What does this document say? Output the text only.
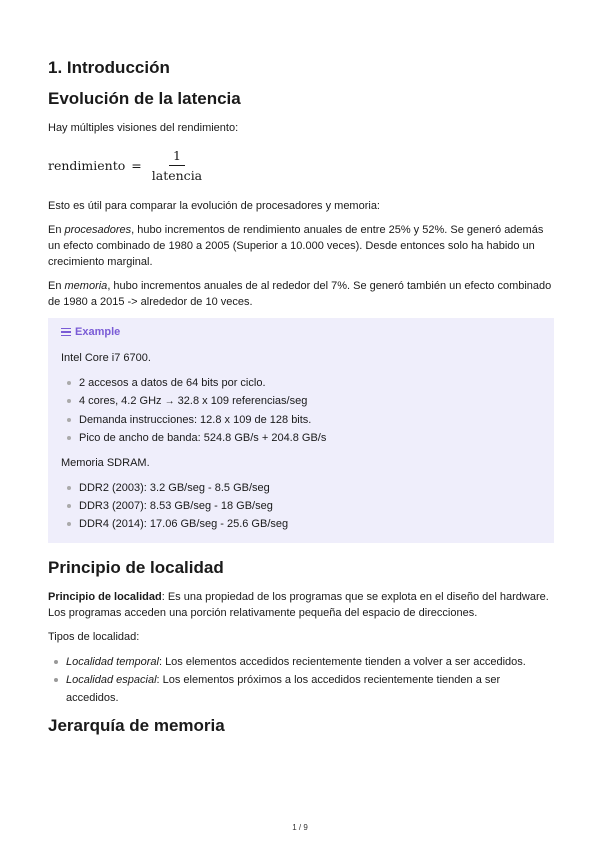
1. Introducción
Evolución de la latencia

Hay múltiples visiones del rendimiento:

rendimiento = $\frac{1}{\text{latencia}}$

Esto es útil para comparar la evolución de procesadores y memoria:

En procesadores, hubo incrementos de rendimiento anuales de entre 25% y 52%. Se generó además un efecto combinado de 1980 a 2005 (Superior a 10.000 veces). Desde entonces solo ha habido un crecimiento marginal.

En memoria, hubo incrementos anuales de al rededor del 7%. Se generó también un efecto combinado de 1980 a 2015 -> alrededor de 10 veces.

Example

Intel Core i7 6700.

2 accesos a datos de 64 bits por ciclo.
4 cores, 4.2 GHz → 32.8 x 109 referencias/seg
Demanda instrucciones: 12.8 x 109 de 128 bits.
Pico de ancho de banda: 524.8 GB/s + 204.8 GB/s

Memoria SDRAM.

DDR2 (2003): 3.2 GB/seg - 8.5 GB/seg
DDR3 (2007): 8.53 GB/seg - 18 GB/seg
DDR4 (2014): 17.06 GB/seg - 25.6 GB/seg
Principio de localidad

Principio de localidad: Es una propiedad de los programas que se explota en el diseño del hardware. Los programas acceden una porción relativamente pequeña del espacio de direcciones.

Tipos de localidad:

Localidad temporal: Los elementos accedidos recientemente tienden a volver a ser accedidos.
Localidad espacial: Los elementos próximos a los accedidos recientemente tienden a ser accedidos.
Jerarquía de memoria
1 / 9
